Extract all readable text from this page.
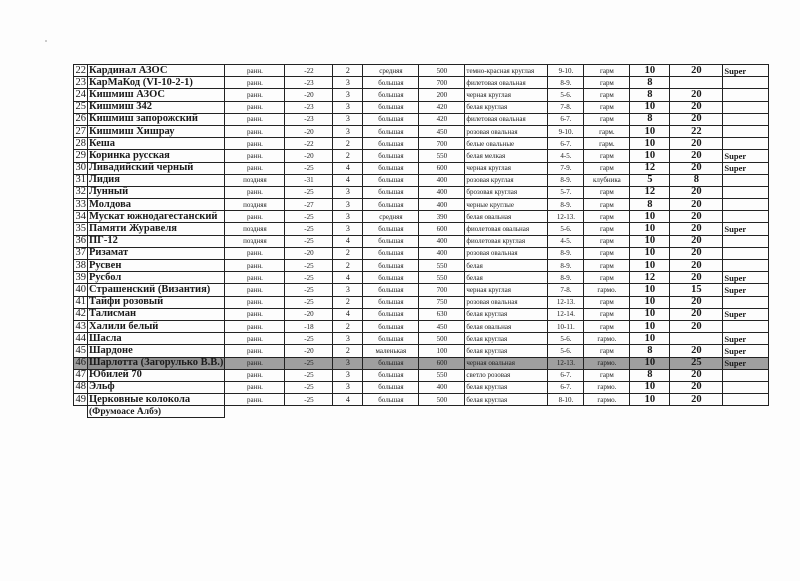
22	Кардинал АЗОС	ранн.	-22	2	средняя	500	темно-красная круглая	9-10.	гарм	10	20	Super
23	КарМаКод (VI-10-2-1)	ранн.	-23	3	большая	700	филетовая овальная	8-9.	гарм	8		
24	Кишмиш АЗОС	ранн.	-20	3	большая	200	черная круглая	5-6.	гарм	8	20	
25	Кишмиш 342	ранн.	-23	3	большая	420	белая круглая	7-8.	гарм	10	20	
26	Кишмиш запорожский	ранн.	-23	3	большая	420	филетовая овальная	6-7.	гарм	8	20	
27	Кишмиш Хишрау	ранн.	-20	3	большая	450	розовая овальная	9-10.	гарм.	10	22	
28	Кеша	ранн.	-22	2	большая	700	белые овальные	6-7.	гарм.	10	20	
29	Коринка русская	ранн.	-20	2	большая	550	белая мелкая	4-5.	гарм	10	20	Super
30	Ливадийский черный	ранн.	-25	4	большая	600	черная круглая	7-9.	гарм	12	20	Super
31	Лидия	поздняя	-31	4	большая	400	розовая круглая	8-9.	клубника	5	8	
32	Лунный	ранн.	-25	3	большая	400	брозовая круглая	5-7.	гарм	12	20	
33	Молдова	поздняя	-27	3	большая	400	черные круглые	8-9.	гарм	8	20	
34	Мускат южнодагестанский	ранн.	-25	3	средняя	390	белая овальная	12-13.	гарм	10	20	
35	Памяти Журавеля	поздняя	-25	3	большая	600	фиолетовая овальная	5-6.	гарм	10	20	Super
36	ПГ-12	поздняя	-25	4	большая	400	фиолетовая круглая	4-5.	гарм	10	20	
37	Ризамат	ранн.	-20	2	большая	400	розовая овальная	8-9.	гарм	10	20	
38	Русвен	ранн.	-25	2	большая	550	белая	8-9.	гарм	10	20	
39	Русбол	ранн.	-25	4	большая	550	белая	8-9.	гарм	12	20	Super
40	Страшенский (Византия)	ранн.	-25	3	большая	700	черная круглая	7-8.	гармо.	10	15	Super
41	Тайфи розовый	ранн.	-25	2	большая	750	розовая овальная	12-13.	гарм	10	20	
42	Талисман	ранн.	-20	4	большая	630	белая круглая	12-14.	гарм	10	20	Super
43	Халили белый	ранн.	-18	2	большая	450	белая овальная	10-11.	гарм	10	20	
44	Шасла	ранн.	-25	3	большая	500	белая круглая	5-6.	гармо.	10		Super
45	Шардоне	ранн.	-20	2	маленькая	100	белая круглая	5-6.	гарм	8	20	Super
46	Шарлотта (Загорулько В.В.)	ранн.	-25	3	большая	600	черная овальная	12-13.	гармо.	10	25	Super
47	Юбилей 70	ранн.	-25	3	большая	550	светло розовая	6-7.	гарм	8	20	
48	Эльф	ранн.	-25	3	большая	400	белая круглая	6-7.	гармо.	10	20	
49	Церковные колокола	ранн.	-25	4	большая	500	белая круглая	8-10.	гармо.	10	20	
	(Фрумоасе Албэ)											
